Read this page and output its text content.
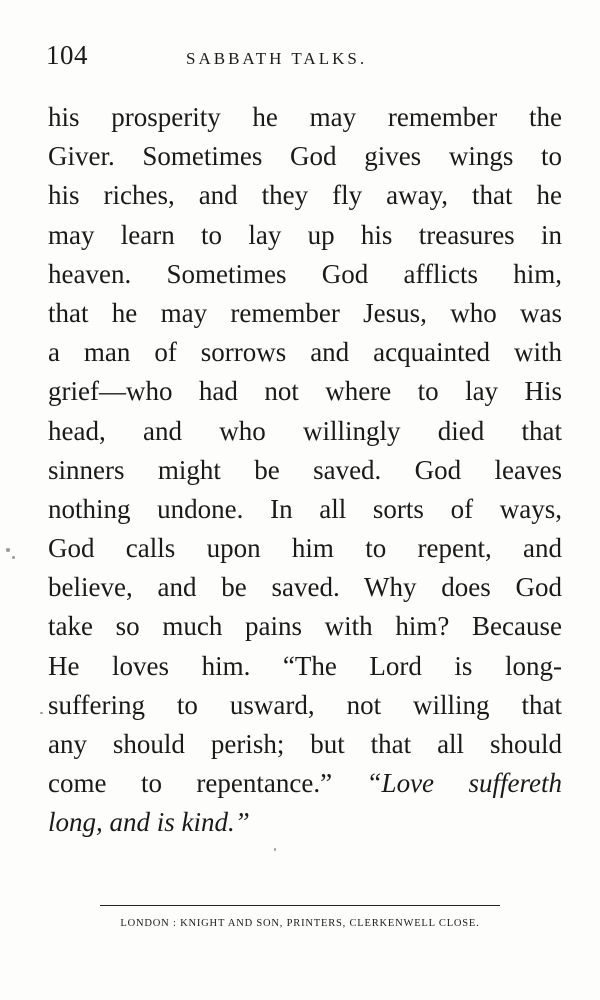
104	SABBATH TALKS.
his prosperity he may remember the
Giver. Sometimes God gives wings to
his riches, and they fly away, that he
may learn to lay up his treasures in
heaven. Sometimes God afflicts him,
that he may remember Jesus, who was
a man of sorrows and acquainted with
grief—who had not where to lay His
head, and who willingly died that
sinners might be saved. God leaves
nothing undone. In all sorts of ways,
God calls upon him to repent, and
believe, and be saved. Why does God
take so much pains with him? Because
He loves him. “The Lord is long-
suffering to usward, not willing that
any should perish; but that all should
come to repentance.” “Love suffereth
long, and is kind.”
LONDON : KNIGHT AND SON, PRINTERS, CLERKENWELL CLOSE.
